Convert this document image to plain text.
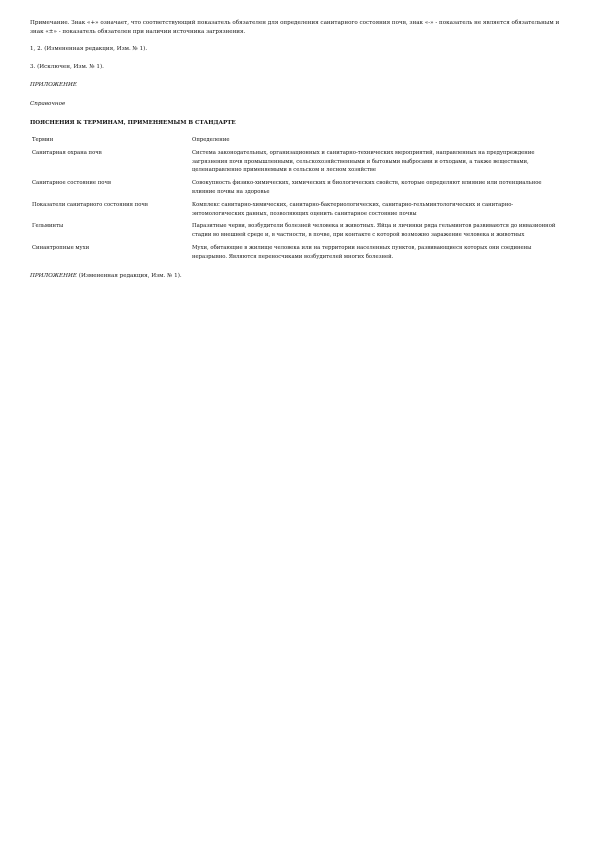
Примечание. Знак «+» означает, что соответствующий показатель обязателен для определения санитарного состояния почв, знак «-» - показатель не является обязательным и знак «±» - показатель обязателен при наличии источника загрязнения.

1, 2. (Измененная редакция, Изм. № 1).

3. (Исключен, Изм. № 1).

ПРИЛОЖЕНИЕ

Справочное

ПОЯСНЕНИЯ К ТЕРМИНАМ, ПРИМЕНЯЕМЫМ В СТАНДАРТЕ

Термин	Определение
Санитарная охрана почв	Система законодательных, организационных и санитарно-технических мероприятий, направленных на предупреждение загрязнения почв промышленными, сельскохозяйственными и бытовыми выбросами и отходами, а также веществами, целенаправленно применяемыми в сельском и лесном хозяйстве
Санитарное состояние почв	Совокупность физико-химических, химических и биологических свойств, которые определяют влияние или потенциальное влияние почвы на здоровье
Показатели санитарного состояния почв	Комплекс санитарно-химических, санитарно-бактериологических, санитарно-гельминтологических и санитарно-энтомологических данных, позволяющих оценить санитарное состояние почвы
Гельминты	Паразитные черви, возбудители болезней человека и животных. Яйца и личинки ряда гельминтов развиваются до инвазионной стадии во внешней среде и, в частности, в почве, при контакте с которой возможно заражение человека и животных
Синантропные мухи	Мухи, обитающие в жилище человека или на территории населенных пунктов, развивающиеся которых они соединены неразрывно. Являются переносчиками возбудителей многих болезней.

ПРИЛОЖЕНИЕ (Измененная редакция, Изм. № 1).
